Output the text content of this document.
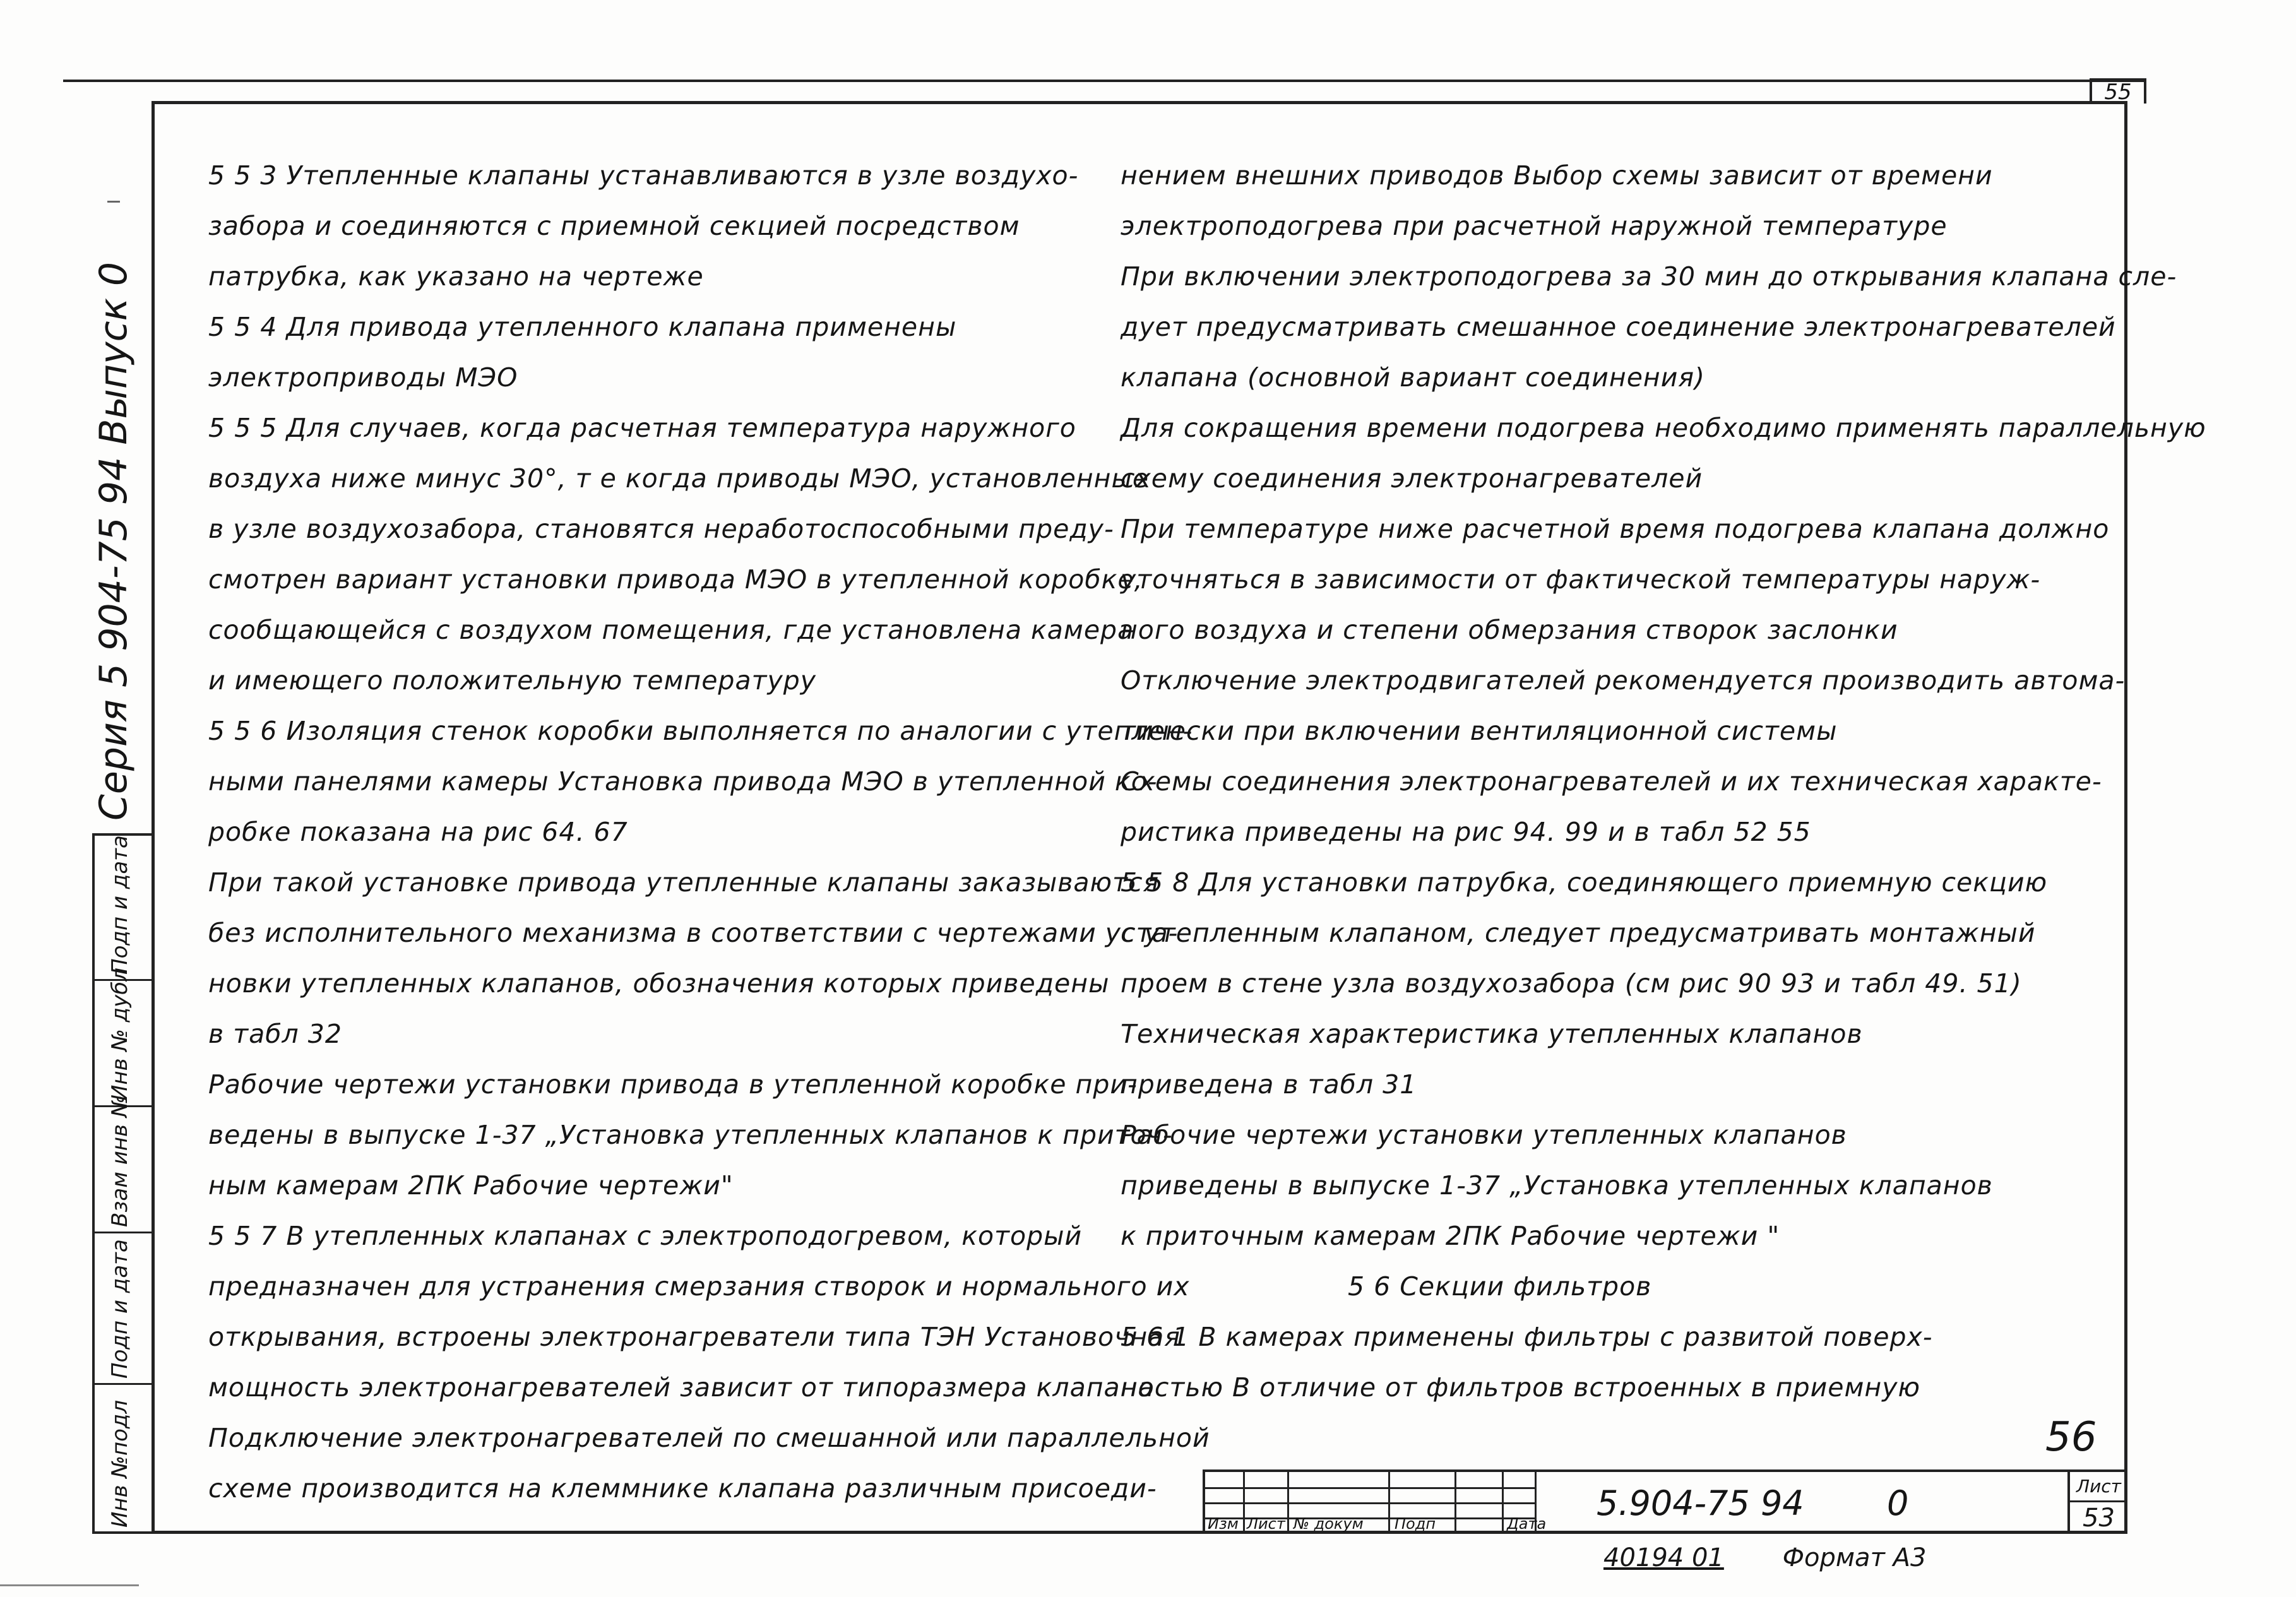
55
Серия 5 904-75 94 Выпуск 0
Подп и дата
Инв № дубл
Взам инв №
Подп и дата
Инв №подл
5 5 3 Утепленные клапаны устанавливаются в узле воздухо-
забора и соединяются с приемной секцией посредством
патрубка, как указано на чертеже
5 5 4 Для привода утепленного клапана применены
электроприводы МЭО
5 5 5 Для случаев, когда расчетная температура наружного
воздуха ниже минус 30°, т е когда приводы МЭО, установленные
в узле воздухозабора, становятся неработоспособными преду-
смотрен вариант установки привода МЭО в утепленной коробке,
сообщающейся с воздухом помещения, где установлена камера
и имеющего положительную температуру
5 5 6 Изоляция стенок коробки выполняется по аналогии с утеплен-
ными панелями камеры Установка привода МЭО в утепленной ко-
робке показана на рис 64. 67
При такой установке привода утепленные клапаны заказываются
без исполнительного механизма в соответствии с чертежами уста-
новки утепленных клапанов, обозначения которых приведены
в табл 32
Рабочие чертежи установки привода в утепленной коробке при-
ведены в выпуске 1-37 „Установка утепленных клапанов к приточ-
ным камерам 2ПК Рабочие чертежи"
5 5 7 В утепленных клапанах с электроподогревом, который
предназначен для устранения смерзания створок и нормального их
открывания, встроены электронагреватели типа ТЭН Установочная
мощность электронагревателей зависит от типоразмера клапана
Подключение электронагревателей по смешанной или параллельной
схеме производится на клеммнике клапана различным присоеди-
нением внешних приводов Выбор схемы зависит от времени
электроподогрева при расчетной наружной температуре
При включении электроподогрева за 30 мин до открывания клапана сле-
дует предусматривать смешанное соединение электронагревателей
клапана (основной вариант соединения)
Для сокращения времени подогрева необходимо применять параллельную
схему соединения электронагревателей
При температуре ниже расчетной время подогрева клапана должно
уточняться в зависимости от фактической температуры наруж-
ного воздуха и степени обмерзания створок заслонки
Отключение электродвигателей рекомендуется производить автома-
тически при включении вентиляционной системы
Схемы соединения электронагревателей и их техническая характе-
ристика приведены на рис 94. 99 и в табл 52 55
5 5 8 Для установки патрубка, соединяющего приемную секцию
с утепленным клапаном, следует предусматривать монтажный
проем в стене узла воздухозабора (см рис 90 93 и табл 49. 51)
Техническая характеристика утепленных клапанов
приведена в табл 31
Рабочие чертежи установки утепленных клапанов
приведены в выпуске 1-37 „Установка утепленных клапанов
к приточным камерам 2ПК Рабочие чертежи "
5 6 Секции фильтров
5 6 1 В камерах применены фильтры с развитой поверх-
ностью В отличие от фильтров встроенных в приемную
56
Изм Лист № докум Подп	Дата
5.904-75 94 0	Лист
53
40194 01 Формат А3
